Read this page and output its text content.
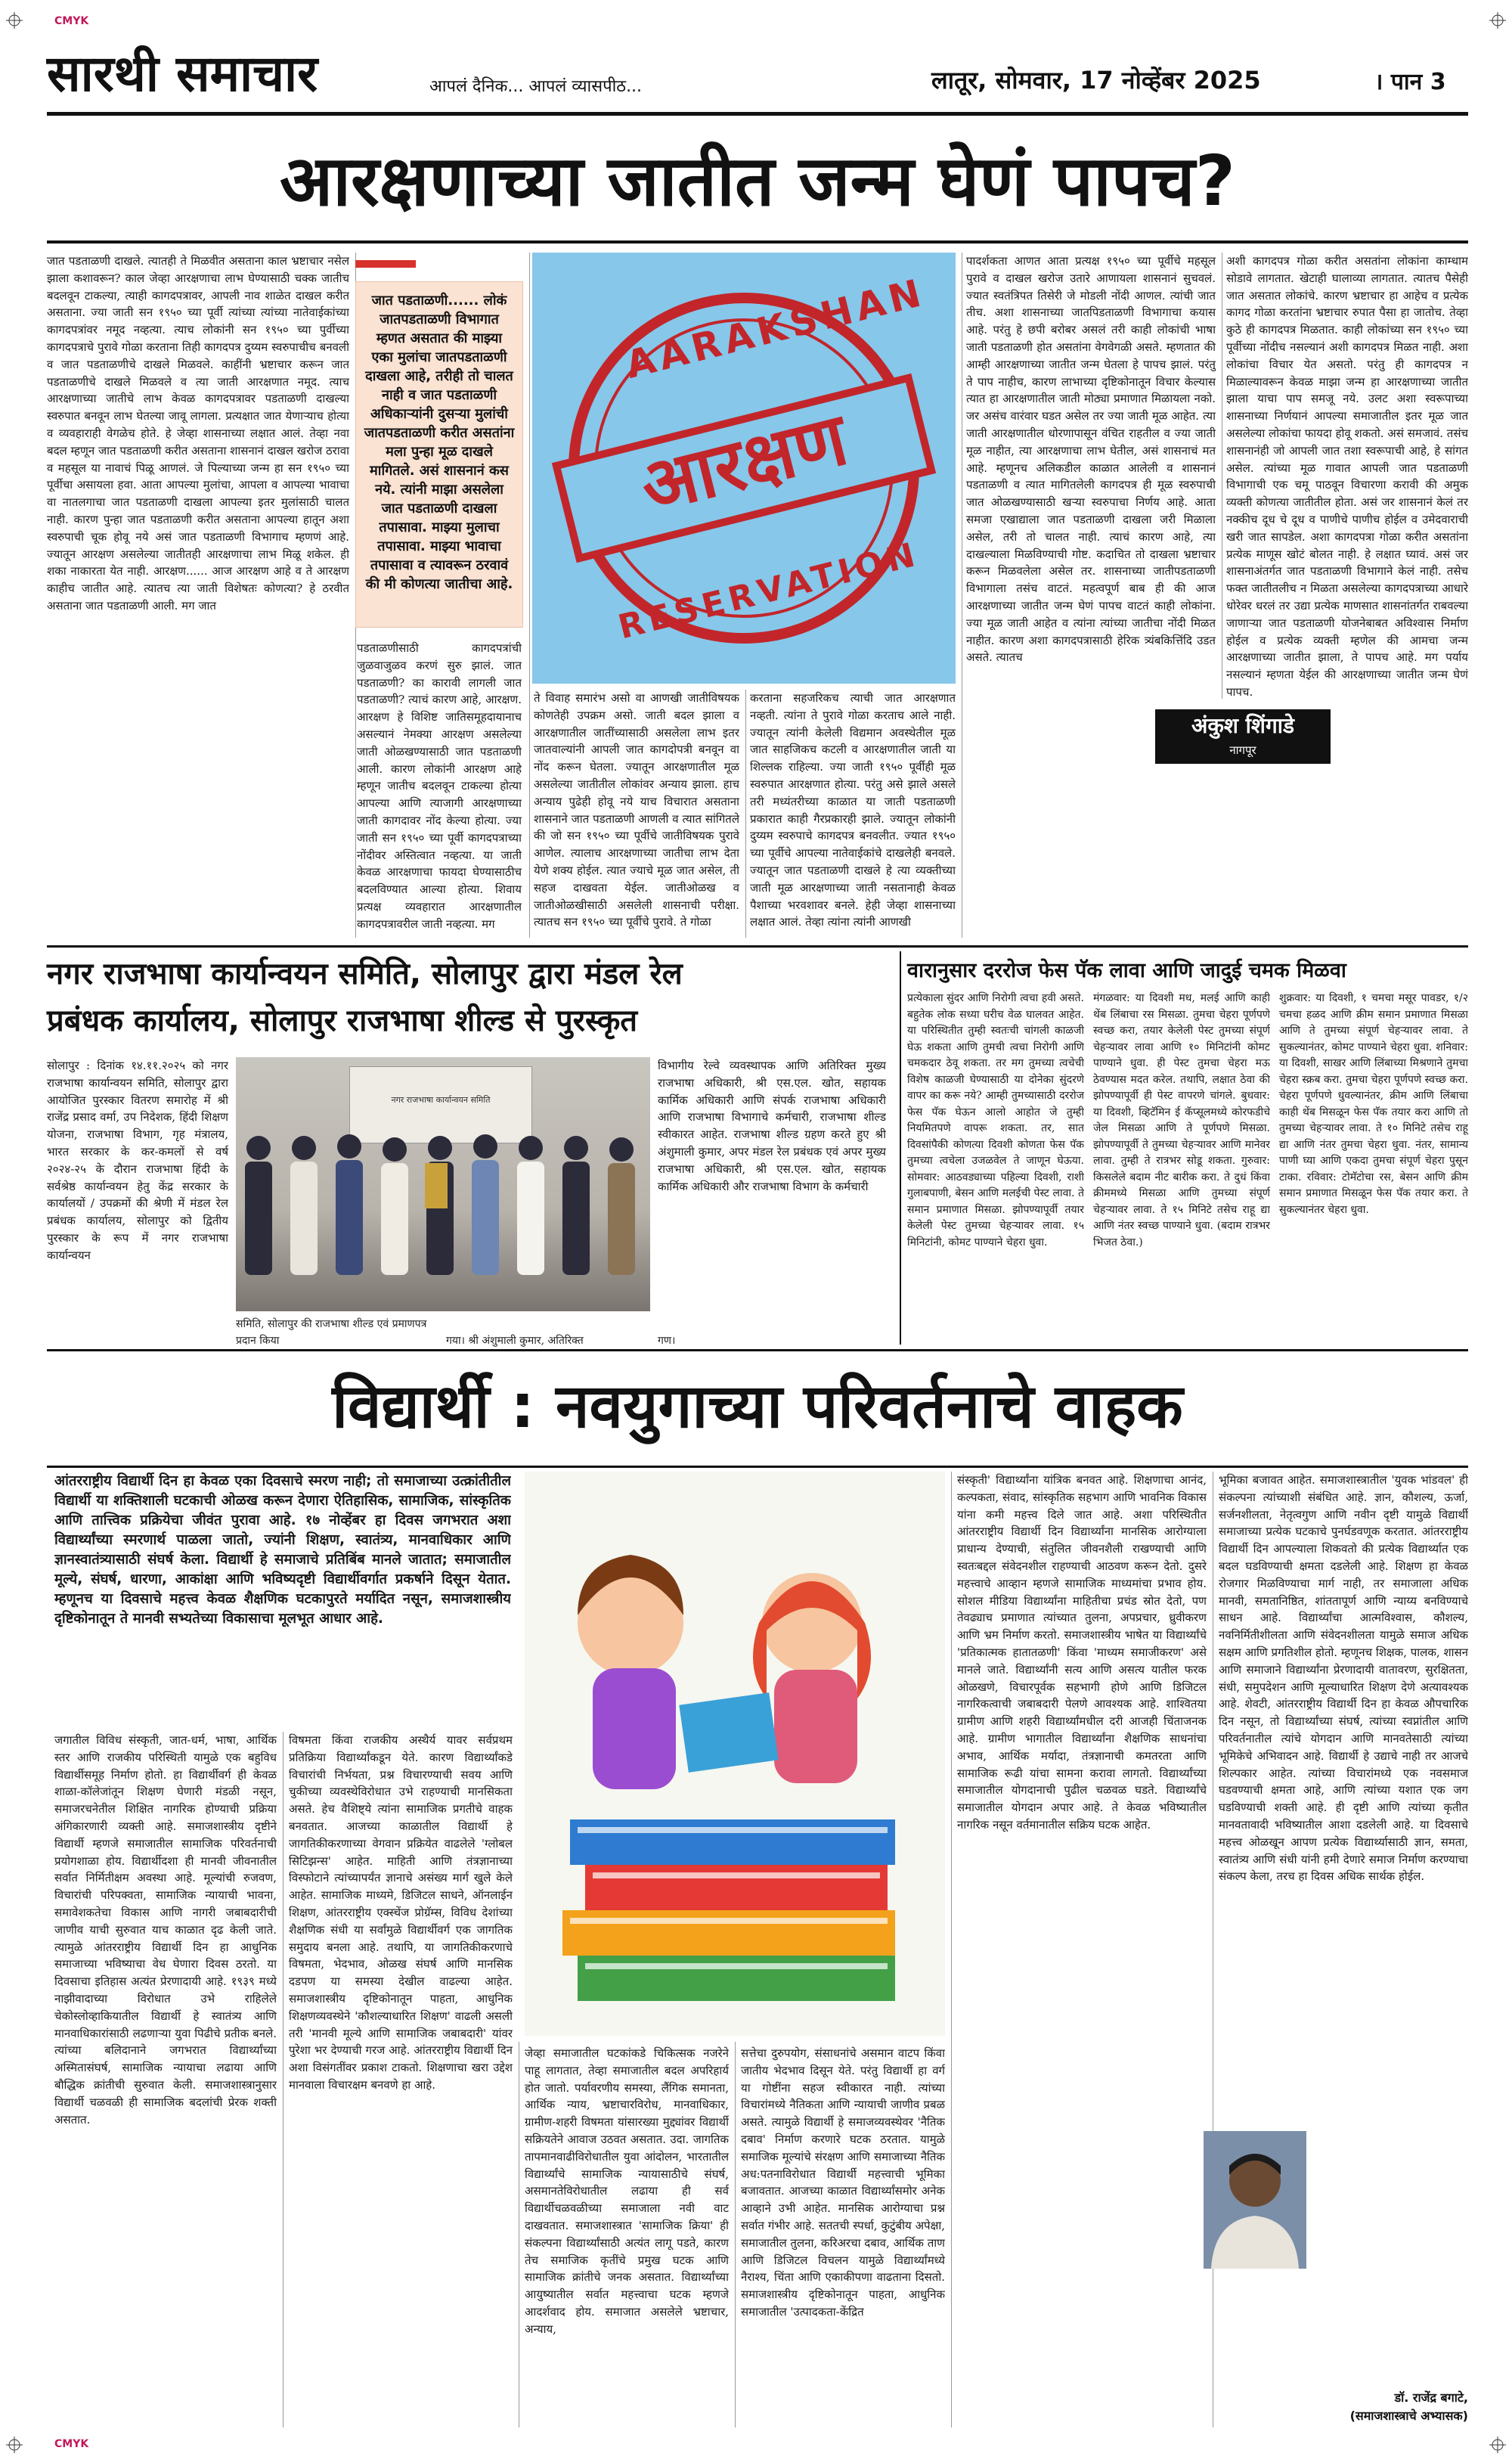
CMYK
CMYK
सारथी समाचार	आपलं दैनिक... आपलं व्यासपीठ...	लातूर, सोमवार, 17 नोव्हेंबर 2025	। पान 3
आरक्षणाच्या जातीत जन्म घेणं पापच?
जात पडताळणी दाखले. त्यातही ते मिळवीत असताना काल भ्रष्टाचार नसेल झाला कशावरून? काल जेव्हा आरक्षणाचा लाभ घेण्यासाठी चक्क जातीच बदलवून टाकल्या, त्याही कागदपत्रावर, आपली नाव शाळेत दाखल करीत असताना. ज्या जाती सन १९५० च्या पूर्वी त्यांच्या त्यांच्या नातेवाईकांच्या कागदपत्रांवर नमूद नव्हत्या. त्याच लोकांनी सन १९५० च्या पुर्वीच्या कागदपत्राचे पुरावे गोळा करताना तिही कागदपत्र दुय्यम स्वरुपाचीच बनवली व जात पडताळणीचे दाखले मिळवले. काहींनी भ्रष्टाचार करून जात पडताळणीचे दाखले मिळवले व त्या जाती आरक्षणात नमूद. त्याच आरक्षणाच्या जातीचे लाभ केवळ कागदपत्रावर पडताळणी दाखल्या स्वरुपात बनवून लाभ घेतल्या जावू लागला. प्रत्यक्षात जात येणाऱ्याच होत्या व व्यवहाराही वेगळेच होते. हे जेव्हा शासनाच्या लक्षात आलं. तेव्हा नवा बदल म्हणून जात पडताळणी करीत असताना शासनानं दाखल खरोज ठरावा व महसूल या नावाचं पिळू आणलं. जे पिल्याच्या जन्म हा सन १९५० च्या पूर्वीचा असायला हवा. आता आपल्या मुलांचा, आपला व आपल्या भावाचा वा नातलगाचा जात पडताळणी दाखला आपल्या इतर मुलांसाठी चालत नाही. कारण पुन्हा जात पडताळणी करीत असताना आपल्या हातून अशा स्वरुपाची चूक होवू नये असं जात पडताळणी विभागाच म्हणणं आहे. ज्यातून आरक्षण असलेल्या जातीतही आरक्षणाचा लाभ मिळू शकेल. ही शका नाकारता येत नाही. आरक्षण...... आज आरक्षण आहे व ते आरक्षण काहीच जातीत आहे. त्यातच त्या जाती विशेषतः कोणत्या? हे ठरवीत असताना जात पडताळणी आली. मग जात
जात पडताळणी...... लोकं जातपडताळणी विभागात म्हणत असतात की माझ्या एका मुलांचा जातपडताळणी दाखला आहे, तरीही तो चालत नाही व जात पडताळणी अधिकाऱ्यांनी दुसऱ्या मुलांची जातपडताळणी करीत असतांना मला पुन्हा मूळ दाखले मागितले. असं शासनानं कस नये. त्यांनी माझा असलेला जात पडताळणी दाखला तपासावा. माझ्या मुलाचा तपासावा. माझ्या भावाचा तपासावा व त्यावरून ठरवावं की मी कोणत्या जातीचा आहे.
पडताळणीसाठी कागदपत्रांची जुळवाजुळव करणं सुरु झालं. जात पडताळणी? का कारावी लागली जात पडताळणी? त्याचं कारण आहे, आरक्षण. आरक्षण हे विशिष्ट जातिसमूहदायानाच असल्यानं नेमक्या आरक्षण असलेल्या जाती ओळखण्यासाठी जात पडताळणी आली. कारण लोकांनी आरक्षण आहे म्हणून जातीच बदलवून टाकल्या होत्या आपल्या आणि त्याजागी आरक्षणाच्या जाती कागदावर नोंद केल्या होत्या. ज्या जाती सन १९५० च्या पूर्वी कागदपत्राच्या नोंदीवर अस्तित्वात नव्हत्या. या जाती केवळ आरक्षणाचा फायदा घेण्यासाठीच बदलविण्यात आल्या होत्या. शिवाय प्रत्यक्ष व्यवहारात आरक्षणातील कागदपत्रावरील जाती नव्हत्या. मग
AARAKSHAN
आरक्षण
RESERVATION
ते विवाह समारंभ असो वा आणखी जातीविषयक कोणतेही उपक्रम असो. जाती बदल झाला व आरक्षणातील जातींच्यासाठी असलेला लाभ इतर जातवाल्यांनी आपली जात कागदोपत्री बनवून वा नोंद करून घेतला. ज्यातून आरक्षणातील मूळ असलेल्या जातीतील लोकांवर अन्याय झाला. हाच अन्याय पुढेही होवू नये याच विचारात असताना शासनाने जात पडताळणी आणली व त्यात सांगितले की जो सन १९५० च्या पूर्वीचे जातीविषयक पुरावे आणेल. त्यालाच आरक्षणाच्या जातीचा लाभ देता येणे शक्य होईल. त्यात ज्याचे मूळ जात असेल, ती सहज दाखवता येईल. जातीओळख व जातीओळखीसाठी असलेली शासनाची परीक्षा. त्यातच सन १९५० च्या पूर्वीचे पुरावे. ते गोळा
करताना सहजरिकच त्याची जात आरक्षणात नव्हती. त्यांना ते पुरावे गोळा करताच आले नाही. ज्यातून त्यांनी केलेली विद्यमान अवस्थेतील मूळ जात साहजिकच कटली व आरक्षणातील जाती या शिल्लक राहिल्या. ज्या जाती १९५० पूर्वीही मूळ स्वरुपात आरक्षणात होत्या. परंतु असे झाले असले तरी मध्यंतरीच्या काळात या जाती पडताळणी प्रकारात काही गैरप्रकारही झाले. ज्यातून लोकांनी दुय्यम स्वरुपाचे कागदपत्र बनवलीत. ज्यात १९५० च्या पूर्वीचे आपल्या नातेवाईकांचे दाखलेही बनवले. ज्यातून जात पडताळणी दाखले हे त्या व्यक्तीच्या जाती मूळ आरक्षणाच्या जाती नसतानाही केवळ पैशाच्या भरवशावर बनले. हेही जेव्हा शासनाच्या लक्षात आलं. तेव्हा त्यांना त्यांनी आणखी
पादर्शकता आणत आता प्रत्यक्ष १९५० च्या पूर्वीचे महसूल पुरावे व दाखल खरोज उतारे आणायला शासनानं सुचवलं. ज्यात स्वतंत्रिपत तिसेरी जे मोडली नोंदी आणल. त्यांची जात तीच. अशा शासनाच्या जातपिडताळणी विभागाचा कयास आहे. परंतु हे छपी बरोबर असलं तरी काही लोकांची भाषा जाती पडताळणी होत असतांना वेगवेगळी असते. म्हणतात की आम्ही आरक्षणाच्या जातीत जन्म घेतला हे पापच झालं. परंतु ते पाप नाहीच, कारण लाभाच्या दृष्टिकोनातून विचार केल्यास त्यात हा आरक्षणातील जाती मोठ्या प्रमाणात मिळायला नको. जर असंच वारंवार घडत असेल तर ज्या जाती मूळ आहेत. त्या जाती आरक्षणातील धोरणापासून वंचित राहतील व ज्या जाती मूळ नाहीत, त्या आरक्षणाचा लाभ घेतील, असं शासनाचं मत आहे. म्हणूनच अलिकडील काळात आलेली व शासनानं पडताळणी व त्यात मागितलेली कागदपत्र ही मूळ स्वरुपाची जात ओळखण्यासाठी खऱ्या स्वरुपाचा निर्णय आहे. आता समजा एखाद्याला जात पडताळणी दाखला जरी मिळाला असेल, तरी तो चालत नाही. त्याचं कारण आहे, त्या दाखल्याला मिळविण्याची गोष्ट. कदाचित तो दाखला भ्रष्टाचार करून मिळवलेला असेल तर. शासनाच्या जातीपडताळणी विभागाला तसंच वाटतं. महत्वपूर्ण बाब ही की आज आरक्षणाच्या जातीत जन्म घेणं पापच वाटतं काही लोकांना. ज्या मूळ जाती आहेत व त्यांना त्यांच्या जातीचा नोंदी मिळत नाहीत. कारण अशा कागदपत्रासाठी हेरिक त्र्यंबकित्तिंदि उडत असते. त्यातच
अंकुश शिंगाडे
नागपूर
अशी कागदपत्र गोळा करीत असतांना लोकांना काम्धाम सोडावे लागतात. खेटाही घालाव्या लागतात. त्यातच पैसेही जात असतात लोकांचे. कारण भ्रष्टाचार हा आहेच व प्रत्येक कागद गोळा करतांना भ्रष्टाचार रुपात पैसा हा जातोच. तेव्हा कुठे ही कागदपत्र मिळतात. काही लोकांच्या सन १९५० च्या पूर्वीच्या नोंदीच नसल्यानं अशी कागदपत्र मिळत नाही. अशा लोकांचा विचार येत असतो. परंतु ही कागदपत्र न मिळाल्यावरून केवळ माझा जन्म हा आरक्षणाच्या जातीत झाला याचा पाप समजू नये. उलट अशा स्वरूपाच्या शासनाच्या निर्णयानं आपल्या समाजातील इतर मूळ जात असलेल्या लोकांचा फायदा होवू शकतो. असं समजावं. तसंच शासनानंही जो आपली जात तशा स्वरूपाची आहे, हे सांगत असेल. त्यांच्या मूळ गावात आपली जात पडताळणी विभागाची एक चमू पाठवून विचारणा करावी की अमुक व्यक्ती कोणत्या जातीतील होता. असं जर शासनानं केलं तर नक्कीच दूध चे दूध व पाणीचे पाणीच होईल व उमेदवाराची खरी जात सापडेल. अशा कागदपत्रा गोळा करीत असतांना प्रत्येक माणूस खोटं बोलत नाही. हे लक्षात घ्यावं. असं जर शासनाअंतर्गत जात पडताळणी विभागाने केलं नाही. तसेच फक्त जातीतलीच न मिळता असलेल्या कागदपत्राच्या आधारे धोरेवर धरलं तर उद्या प्रत्येक माणसात शासनांतर्गत राबवल्या जाणाऱ्या जात पडताळणी योजनेबाबत अविश्वास निर्माण होईल व प्रत्येक व्यक्ती म्हणेल की आमचा जन्म आरक्षणाच्या जातीत झाला, ते पापच आहे. मग पर्याय नसल्यानं म्हणता येईल की आरक्षणाच्या जातीत जन्म घेणं पापच.
नगर राजभाषा कार्यान्वयन समिति, सोलापुर द्वारा मंडल रेल
प्रबंधक कार्यालय, सोलापुर राजभाषा शील्ड से पुरस्कृत
सोलापुर : दिनांक १४.११.२०२५ को नगर राजभाषा कार्यान्वयन समिति, सोलापुर द्वारा आयोजित पुरस्कार वितरण समारोह में श्री राजेंद्र प्रसाद वर्मा, उप निदेशक, हिंदी शिक्षण योजना, राजभाषा विभाग, गृह मंत्रालय, भारत सरकार के कर-कमलों से वर्ष २०२४-२५ के दौरान राजभाषा हिंदी के सर्वश्रेष्ठ कार्यान्वयन हेतु केंद्र सरकार के कार्यालयों / उपक्रमों की श्रेणी में मंडल रेल प्रबंधक कार्यालय, सोलापुर को द्वितीय पुरस्कार के रूप में नगर राजभाषा कार्यान्वयन
नगर राजभाषा कार्यान्वयन समिति
समिति, सोलापुर की राजभाषा शील्ड एवं प्रमाणपत्र प्रदान किया	गया। श्री अंशुमाली कुमार, अतिरिक्त
विभागीय रेल्वे व्यवस्थापक आणि अतिरिक्त मुख्य राजभाषा अधिकारी, श्री एस.एल. खोत, सहायक कार्मिक अधिकारी आणि संपर्क राजभाषा अधिकारी आणि राजभाषा विभागाचे कर्मचारी, राजभाषा शील्ड स्वीकारत आहेत. राजभाषा शील्ड ग्रहण करते हुए श्री अंशुमाली कुमार, अपर मंडल रेल प्रबंधक एवं अपर मुख्य राजभाषा अधिकारी, श्री एस.एल. खोत, सहायक कार्मिक अधिकारी और राजभाषा विभाग के कर्मचारी
गण।
वारानुसार दररोज फेस पॅक लावा आणि जादुई चमक मिळवा
प्रत्येकाला सुंदर आणि निरोगी त्वचा हवी असते. बहुतेक लोक सध्या घरीच वेळ घालवत आहेत. या परिस्थितीत तुम्ही स्वतःची चांगली काळजी घेऊ शकता आणि तुमची त्वचा निरोगी आणि चमकदार ठेवू शकता. तर मग तुमच्या त्वचेची विशेष काळजी घेण्यासाठी या दोनेका सुंदरणे वापर का करू नये? आम्ही तुमच्यासाठी दररोज फेस पॅक घेऊन आलो आहोत जे तुम्ही नियमितपणे वापरू शकता. तर, सात दिवसांपैकी कोणत्या दिवशी कोणता फेस पॅक तुमच्या त्वचेला उजळवेल ते जाणून घेऊया. सोमवार: आठवड्याच्या पहिल्या दिवशी, राशी गुलाबपाणी, बेसन आणि मलईची पेस्ट लावा. ते समान प्रमाणात मिसळा. झोपण्यापूर्वी तयार केलेली पेस्ट तुमच्या चेहऱ्यावर लावा. १५ मिनिटांनी, कोमट पाण्याने चेहरा धुवा.
मंगळवार: या दिवशी मध, मलई आणि काही थेंब लिंबाचा रस मिसळा. तुमचा चेहरा पूर्णपणे स्वच्छ करा, तयार केलेली पेस्ट तुमच्या संपूर्ण चेहऱ्यावर लावा आणि १० मिनिटांनी कोमट पाण्याने धुवा. ही पेस्ट तुमचा चेहरा मऊ ठेवण्यास मदत करेल. तथापि, लक्षात ठेवा की झोपण्यापूर्वी ही पेस्ट वापरणे चांगले. बुधवार: या दिवशी, व्हिटॅमिन ई कॅप्सूलमध्ये कोरफडीचे जेल मिसळा आणि ते पूर्णपणे मिसळा. झोपण्यापूर्वी ते तुमच्या चेहऱ्यावर आणि मानेवर लावा. तुम्ही ते रात्रभर सोडू शकता. गुरुवार: किसलेले बदाम नीट बारीक करा. ते दुधं किंवा क्रीममध्ये मिसळा आणि तुमच्या संपूर्ण चेहऱ्यावर लावा. ते १५ मिनिटे तसेच राहू द्या आणि नंतर स्वच्छ पाण्याने धुवा. (बदाम रात्रभर भिजत ठेवा.)
शुक्रवार: या दिवशी, १ चमचा मसूर पावडर, १/२ चमचा हळद आणि क्रीम समान प्रमाणात मिसळा आणि ते तुमच्या संपूर्ण चेहऱ्यावर लावा. ते सुकल्यानंतर, कोमट पाण्याने चेहरा धुवा. शनिवार: या दिवशी, साखर आणि लिंबाच्या मिश्रणाने तुमचा चेहरा स्क्रब करा. तुमचा चेहरा पूर्णपणे स्वच्छ करा. चेहरा पूर्णपणे धुवल्यानंतर, क्रीम आणि लिंबाचा काही थेंब मिसळून फेस पॅक तयार करा आणि तो तुमच्या चेहऱ्यावर लावा. ते १० मिनिटे तसेच राहू द्या आणि नंतर तुमचा चेहरा धुवा. नंतर, सामान्य पाणी घ्या आणि एकदा तुमचा संपूर्ण चेहरा पुसून टाका. रविवार: टोमॅटोचा रस, बेसन आणि क्रीम समान प्रमाणात मिसळून फेस पॅक तयार करा. ते सुकल्यानंतर चेहरा धुवा.
विद्यार्थी : नवयुगाच्या परिवर्तनाचे वाहक
आंतरराष्ट्रीय विद्यार्थी दिन हा केवळ एका दिवसाचे स्मरण नाही; तो समाजाच्या उत्क्रांतीतील विद्यार्थी या शक्तिशाली घटकाची ओळख करून देणारा ऐतिहासिक, सामाजिक, सांस्कृतिक आणि तात्त्विक प्रक्रियेचा जीवंत पुरावा आहे. १७ नोव्हेंबर हा दिवस जगभरात अशा विद्यार्थ्यांच्या स्मरणार्थ पाळला जातो, ज्यांनी शिक्षण, स्वातंत्र्य, मानवाधिकार आणि ज्ञानस्वातंत्र्यासाठी संघर्ष केला. विद्यार्थी हे समाजाचे प्रतिबिंब मानले जातात; समाजातील मूल्ये, संघर्ष, धारणा, आकांक्षा आणि भविष्यदृष्टी विद्यार्थीवर्गात प्रकर्षाने दिसून येतात. म्हणूनच या दिवसाचे महत्त्व केवळ शैक्षणिक घटकापुरते मर्यादित नसून, समाजशास्त्रीय दृष्टिकोनातून ते मानवी सभ्यतेच्या विकासाचा मूलभूत आधार आहे.
जगातील विविध संस्कृती, जात-धर्म, भाषा, आर्थिक स्तर आणि राजकीय परिस्थिती यामुळे एक बहुविध विद्यार्थीसमूह निर्माण होतो. हा विद्यार्थीवर्ग ही केवळ शाळा-कॉलेजांतून शिक्षण घेणारी मंडळी नसून, समाजरचनेतील शिक्षित नागरिक होण्याची प्रक्रिया अंगिकारणारी व्यक्ती आहे. समाजशास्त्रीय दृष्टीने विद्यार्थी म्हणजे समाजातील सामाजिक परिवर्तनाची प्रयोगशाळा होय. विद्यार्थीदशा ही मानवी जीवनातील सर्वात निर्मितीक्षम अवस्था आहे. मूल्यांची रुजवण, विचारांची परिपक्वता, सामाजिक न्यायाची भावना, समावेशकतेचा विकास आणि नागरी जबाबदारीची जाणीव याची सुरुवात याच काळात दृढ केली जाते. त्यामुळे आंतरराष्ट्रीय विद्यार्थी दिन हा आधुनिक समाजाच्या भविष्याचा वेध घेणारा दिवस ठरतो. या दिवसाचा इतिहास अत्यंत प्रेरणादायी आहे. १९३९ मध्ये नाझीवादाच्या विरोधात उभे राहिलेले चेकोस्लोव्हाकियातील विद्यार्थी हे स्वातंत्र्य आणि मानवाधिकारांसाठी लढणाऱ्या युवा पिढीचे प्रतीक बनले. त्यांच्या बलिदानाने जगभरात विद्यार्थ्यांच्या अस्मितासंघर्ष, सामाजिक न्यायाचा लढाया आणि बौद्धिक क्रांतीची सुरुवात केली. समाजशास्त्रानुसार विद्यार्थी चळवळी ही सामाजिक बदलांची प्रेरक शक्ती असतात.
विषमता किंवा राजकीय अस्थैर्य यावर सर्वप्रथम प्रतिक्रिया विद्यार्थ्यांकडून येते. कारण विद्यार्थ्यांकडे विचारांची निर्भयता, प्रश्न विचारण्याची सवय आणि चुकीच्या व्यवस्थेविरोधात उभे राहण्याची मानसिकता असते. हेच वैशिष्ट्ये त्यांना सामाजिक प्रगतीचे वाहक बनवतात. आजच्या काळातील विद्यार्थी हे जागतिकीकरणाच्या वेगवान प्रक्रियेत वाढलेले 'ग्लोबल सिटिझन्स' आहेत. माहिती आणि तंत्रज्ञानाच्या विस्फोटाने त्यांच्यापर्यंत ज्ञानाचे असंख्य मार्ग खुले केले आहेत. सामाजिक माध्यमे, डिजिटल साधने, ऑनलाईन शिक्षण, आंतरराष्ट्रीय एक्स्चेंज प्रोग्रॅम्स, विविध देशांच्या शैक्षणिक संधी या सर्वांमुळे विद्यार्थीवर्ग एक जागतिक समुदाय बनला आहे. तथापि, या जागतिकीकरणाचे विषमता, भेदभाव, ओळख संघर्ष आणि मानसिक दडपण या समस्या देखील वाढल्या आहेत. समाजशास्त्रीय दृष्टिकोनातून पाहता, आधुनिक शिक्षणव्यवस्थेने 'कौशल्याधारित शिक्षण' वाढली असली तरी 'मानवी मूल्ये आणि सामाजिक जबाबदारी' यांवर पुरेशा भर देण्याची गरज आहे. आंतरराष्ट्रीय विद्यार्थी दिन अशा विसंगतींवर प्रकाश टाकतो. शिक्षणाचा खरा उद्देश मानवाला विचारक्षम बनवणे हा आहे.
जेव्हा समाजातील घटकांकडे चिकित्सक नजरेने पाहू लागतात, तेव्हा समाजातील बदल अपरिहार्य होत जातो. पर्यावरणीय समस्या, लैंगिक समानता, आर्थिक न्याय, भ्रष्टाचारविरोध, मानवाधिकार, ग्रामीण-शहरी विषमता यांसारख्या मुद्द्यांवर विद्यार्थी सक्रियतेने आवाज उठवत असतात. उदा. जागतिक तापमानवाढीविरोधातील युवा आंदोलन, भारतातील विद्यार्थ्यांचे सामाजिक न्यायासाठीचे संघर्ष, असमानतेविरोधातील लढाया ही सर्व विद्यार्थीचळवळीच्या समाजाला नवी वाट दाखवतात. समाजशास्त्रात 'सामाजिक क्रिया' ही संकल्पना विद्यार्थ्यांसाठी अत्यंत लागू पडते, कारण तेच समाजिक कृतींचे प्रमुख घटक आणि सामाजिक क्रांतीचे जनक असतात. विद्यार्थ्यांच्या आयुष्यातील सर्वात महत्त्वाचा घटक म्हणजे आदर्शवाद होय. समाजात असलेले भ्रष्टाचार, अन्याय,
सत्तेचा दुरुपयोग, संसाधनांचे असमान वाटप किंवा जातीय भेदभाव दिसून येते. परंतु विद्यार्थी हा वर्ग या गोष्टींना सहज स्वीकारत नाही. त्यांच्या विचारांमध्ये नैतिकता आणि न्यायाची जाणीव प्रबळ असते. त्यामुळे विद्यार्थी हे समाजव्यवस्थेवर 'नैतिक दबाव' निर्माण करणारे घटक ठरतात. यामुळे समाजिक मूल्यांचे संरक्षण आणि समाजाच्या नैतिक अध:पतनाविरोधात विद्यार्थी महत्त्वाची भूमिका बजावतात. आजच्या काळात विद्यार्थ्यांसमोर अनेक आव्हाने उभी आहेत. मानसिक आरोग्याचा प्रश्न सर्वात गंभीर आहे. सततची स्पर्धा, कुटुंबीय अपेक्षा, समाजातील तुलना, करिअरचा दबाव, आर्थिक ताण आणि डिजिटल विचलन यामुळे विद्यार्थ्यांमध्ये नैराश्य, चिंता आणि एकाकीपणा वाढताना दिसतो. समाजशास्त्रीय दृष्टिकोनातून पाहता, आधुनिक समाजातील 'उत्पादकता-केंद्रित
संस्कृती' विद्यार्थ्यांना यांत्रिक बनवत आहे. शिक्षणाचा आनंद, कल्पकता, संवाद, सांस्कृतिक सहभाग आणि भावनिक विकास यांना कमी महत्त्व दिले जात आहे. अशा परिस्थितीत आंतरराष्ट्रीय विद्यार्थी दिन विद्यार्थ्यांना मानसिक आरोग्याला प्राधान्य देण्याची, संतुलित जीवनशैली राखण्याची आणि स्वतःबद्दल संवेदनशील राहण्याची आठवण करून देतो. दुसरे महत्त्वाचे आव्हान म्हणजे सामाजिक माध्यमांचा प्रभाव होय. सोशल मीडिया विद्यार्थ्यांना माहितीचा प्रचंड स्रोत देतो, पण तेवढ्याच प्रमाणात त्यांच्यात तुलना, अपप्रचार, ध्रुवीकरण आणि भ्रम निर्माण करतो. समाजशास्त्रीय भाषेत या विद्यार्थ्यांचे 'प्रतिकात्मक हातातळणी' किंवा 'माध्यम समाजीकरण' असे मानले जाते. विद्यार्थ्यांनी सत्य आणि असत्य यातील फरक ओळखणे, विचारपूर्वक सहभागी होणे आणि डिजिटल नागरिकत्वाची जबाबदारी पेलणे आवश्यक आहे. शाश्वितया ग्रामीण आणि शहरी विद्यार्थ्यांमधील दरी आजही चिंताजनक आहे. ग्रामीण भागातील विद्यार्थ्यांना शैक्षणिक साधनांचा अभाव, आर्थिक मर्यादा, तंत्रज्ञानाची कमतरता आणि सामाजिक रूढी यांचा सामना करावा लागतो. विद्यार्थ्यांच्या समाजातील योगदानाची पुढील चळवळ घडते. विद्यार्थ्यांचे समाजातील योगदान अपार आहे. ते केवळ भविष्यातील नागरिक नसून वर्तमानातील सक्रिय घटक आहेत.
भूमिका बजावत आहेत. समाजशास्त्रातील 'युवक भांडवल' ही संकल्पना त्यांच्याशी संबंधित आहे. ज्ञान, कौशल्य, ऊर्जा, सर्जनशीलता, नेतृत्वगुण आणि नवीन दृष्टी यामुळे विद्यार्थी समाजाच्या प्रत्येक घटकाचे पुनर्घडवणूक करतात. आंतरराष्ट्रीय विद्यार्थी दिन आपल्याला शिकवतो की प्रत्येक विद्यार्थ्यात एक बदल घडविण्याची क्षमता दडलेली आहे. शिक्षण हा केवळ रोजगार मिळविण्याचा मार्ग नाही, तर समाजाला अधिक मानवी, समतानिष्ठित, शांततापूर्ण आणि न्याय्य बनविण्याचे साधन आहे. विद्यार्थ्यांचा आत्मविश्वास, कौशल्य, नवनिर्मितीशीलता आणि संवेदनशीलता यामुळे समाज अधिक सक्षम आणि प्रगतिशील होतो. म्हणूनच शिक्षक, पालक, शासन आणि समाजाने विद्यार्थ्यांना प्रेरणादायी वातावरण, सुरक्षितता, संधी, समुपदेशन आणि मूल्याधारित शिक्षण देणे अत्यावश्यक आहे. शेवटी, आंतरराष्ट्रीय विद्यार्थी दिन हा केवळ औपचारिक दिन नसून, तो विद्यार्थ्यांच्या संघर्ष, त्यांच्या स्वप्नांतील आणि परिवर्तनातील त्यांचे योगदान आणि मानवतेसाठी त्यांच्या भूमिकेचे अभिवादन आहे. विद्यार्थी हे उद्याचे नाही तर आजचे शिल्पकार आहेत. त्यांच्या विचारांमध्ये एक नवसमाज घडवण्याची क्षमता आहे, आणि त्यांच्या यशात एक जग घडविण्याची शक्ती आहे. ही दृष्टी आणि त्यांच्या कृतीत मानवतावादी भविष्यातील आशा दडलेली आहे. या दिवसाचे महत्त्व ओळखून आपण प्रत्येक विद्यार्थ्यासाठी ज्ञान, समता, स्वातंत्र्य आणि संधी यांनी हमी देणारे समाज निर्माण करण्याचा संकल्प केला, तरच हा दिवस अधिक सार्थक होईल.
डॉ. राजेंद्र बगाटे,
(समाजशास्त्राचे अभ्यासक)
